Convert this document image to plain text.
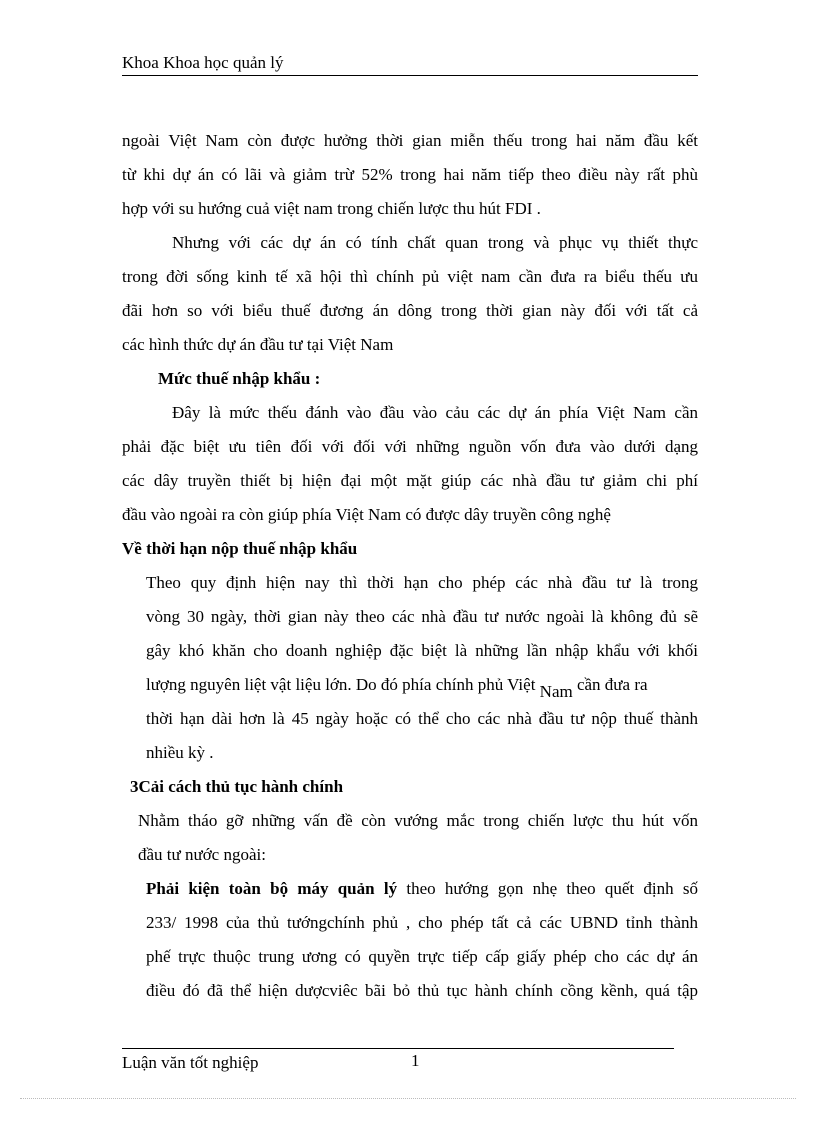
Khoa Khoa học quản lý
ngoài Việt Nam còn được hưởng thời gian miễn thếu trong hai năm đầu kết
từ khi dự án có lãi và giảm trừ 52% trong hai năm tiếp theo điều này rất phù
hợp với su hướng cuả việt nam trong chiến lược thu hút FDI .
Nhưng với các dự án có tính chất quan trong và phục vụ thiết thực
trong đời sống kinh tế xã hội thì chính pủ việt nam cần đưa ra biểu thếu ưu
đãi hơn so với biểu thuế đương án dông trong thời gian này đối với tất cả
các hình thức dự án đầu tư tại Việt Nam
Mức thuế nhập khẩu :
Đây là mức thếu đánh vào đầu vào cảu các dự án phía Việt Nam cần
phải đặc biệt ưu tiên đối với đối với những nguồn vốn đưa vào dưới dạng
các dây truyền thiết bị hiện đại một mặt giúp các nhà đầu tư giảm chi phí
đầu vào ngoài ra còn giúp phía Việt Nam có được dây truyền công nghệ
Về thời hạn nộp thuế nhập khẩu
Theo quy định hiện nay thì thời hạn cho phép các nhà đầu tư là trong
vòng 30 ngày, thời gian này theo các nhà đầu tư nước ngoài là không đủ sẽ
gây khó khăn cho doanh nghiệp đặc biệt là những lần nhập khẩu với khối
lượng nguyên liệt vật liệu lớn. Do đó phía chính phủ Việt Nam cần đưa ra
thời hạn dài hơn là 45 ngày hoặc có thể cho các nhà đầu tư nộp thuế thành
nhiều kỳ .
3Cải cách thủ tục hành chính
Nhằm tháo gỡ những vấn đề còn vướng mắc trong chiến lược thu hút vốn
đầu tư nước ngoài:
Phải kiện toàn bộ máy quản lý theo hướng gọn nhẹ theo quết định số
233/ 1998 của thủ tướngchính phủ , cho phép tất cả các UBND tỉnh thành
phế trực thuộc trung ương có quyền trực tiếp cấp giấy phép cho các dự án
điều đó đã thể hiện dượcviêc bãi bỏ thủ tục hành chính cồng kềnh, quá tập
Luận văn tốt nghiệp	1
